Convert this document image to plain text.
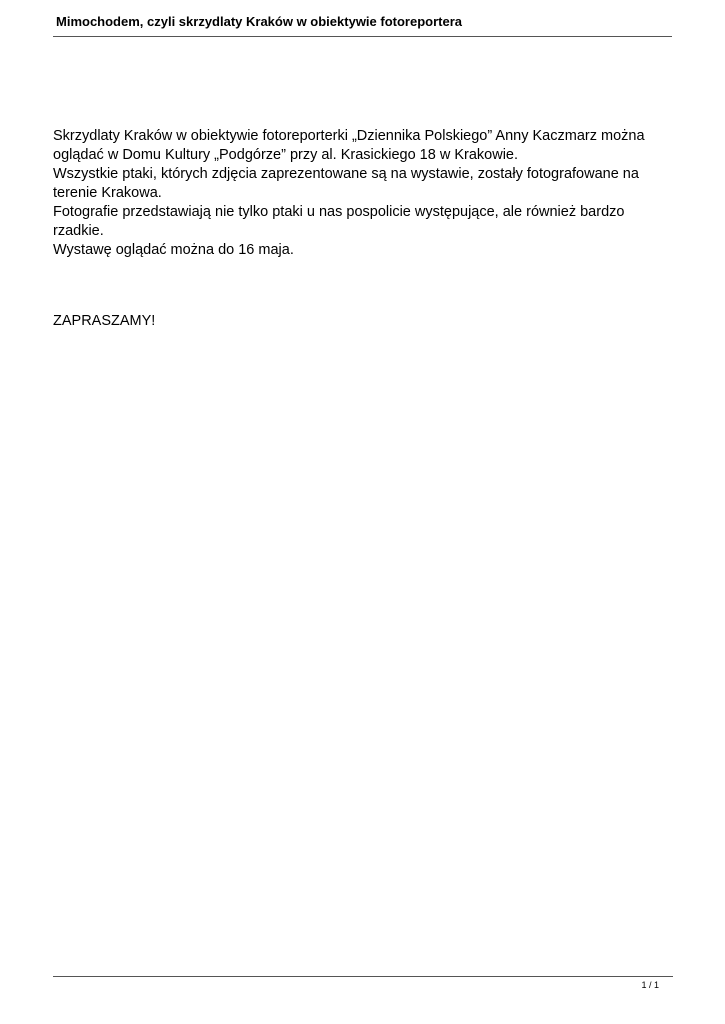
Mimochodem, czyli skrzydlaty Kraków w obiektywie fotoreportera

Skrzydlaty Kraków w obiektywie fotoreporterki „Dziennika Polskiego” Anny Kaczmarz można oglądać w Domu Kultury „Podgórze” przy al. Krasickiego 18 w Krakowie.

Wszystkie ptaki, których zdjęcia zaprezentowane są na wystawie, zostały fotografowane na terenie Krakowa.

Fotografie przedstawiają nie tylko ptaki u nas pospolicie występujące, ale również bardzo rzadkie.

Wystawę oglądać można do 16 maja.

ZAPRASZAMY!
1 / 1
